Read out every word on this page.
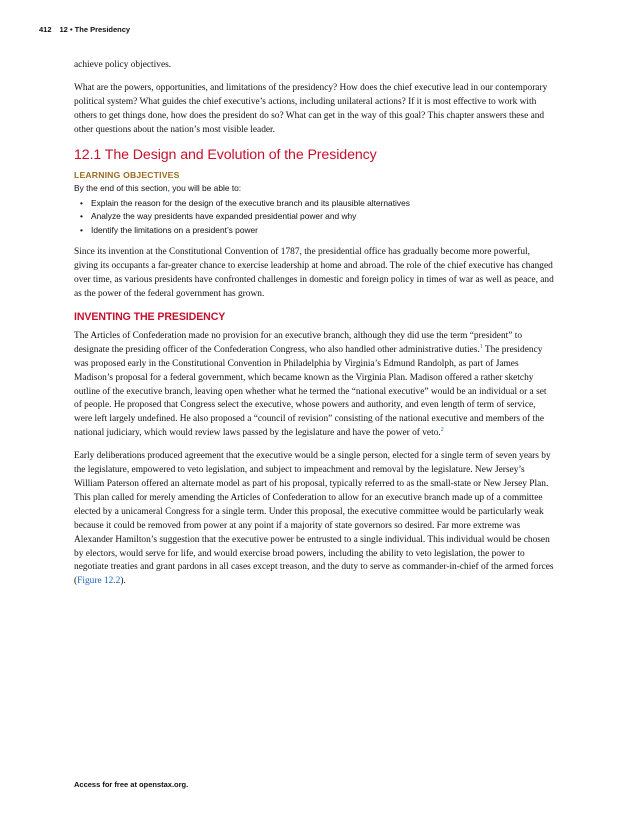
412 12 • The Presidency

achieve policy objectives.

What are the powers, opportunities, and limitations of the presidency? How does the chief executive lead in our contemporary political system? What guides the chief executive’s actions, including unilateral actions? If it is most effective to work with others to get things done, how does the president do so? What can get in the way of this goal? This chapter answers these and other questions about the nation’s most visible leader.

12.1 The Design and Evolution of the Presidency
LEARNING OBJECTIVES
By the end of this section, you will be able to:
• Explain the reason for the design of the executive branch and its plausible alternatives
• Analyze the way presidents have expanded presidential power and why
• Identify the limitations on a president’s power

Since its invention at the Constitutional Convention of 1787, the presidential office has gradually become more powerful, giving its occupants a far-greater chance to exercise leadership at home and abroad. The role of the chief executive has changed over time, as various presidents have confronted challenges in domestic and foreign policy in times of war as well as peace, and as the power of the federal government has grown.

INVENTING THE PRESIDENCY

The Articles of Confederation made no provision for an executive branch, although they did use the term “president” to designate the presiding officer of the Confederation Congress, who also handled other administrative duties.$^1$ The presidency was proposed early in the Constitutional Convention in Philadelphia by Virginia’s Edmund Randolph, as part of James Madison’s proposal for a federal government, which became known as the Virginia Plan. Madison offered a rather sketchy outline of the executive branch, leaving open whether what he termed the “national executive” would be an individual or a set of people. He proposed that Congress select the executive, whose powers and authority, and even length of term of service, were left largely undefined. He also proposed a “council of revision” consisting of the national executive and members of the national judiciary, which would review laws passed by the legislature and have the power of veto.$^2$

Early deliberations produced agreement that the executive would be a single person, elected for a single term of seven years by the legislature, empowered to veto legislation, and subject to impeachment and removal by the legislature. New Jersey’s William Paterson offered an alternate model as part of his proposal, typically referred to as the small-state or New Jersey Plan. This plan called for merely amending the Articles of Confederation to allow for an executive branch made up of a committee elected by a unicameral Congress for a single term. Under this proposal, the executive committee would be particularly weak because it could be removed from power at any point if a majority of state governors so desired. Far more extreme was Alexander Hamilton’s suggestion that the executive power be entrusted to a single individual. This individual would be chosen by electors, would serve for life, and would exercise broad powers, including the ability to veto legislation, the power to negotiate treaties and grant pardons in all cases except treason, and the duty to serve as commander-in-chief of the armed forces (Figure 12.2).

Access for free at openstax.org.
